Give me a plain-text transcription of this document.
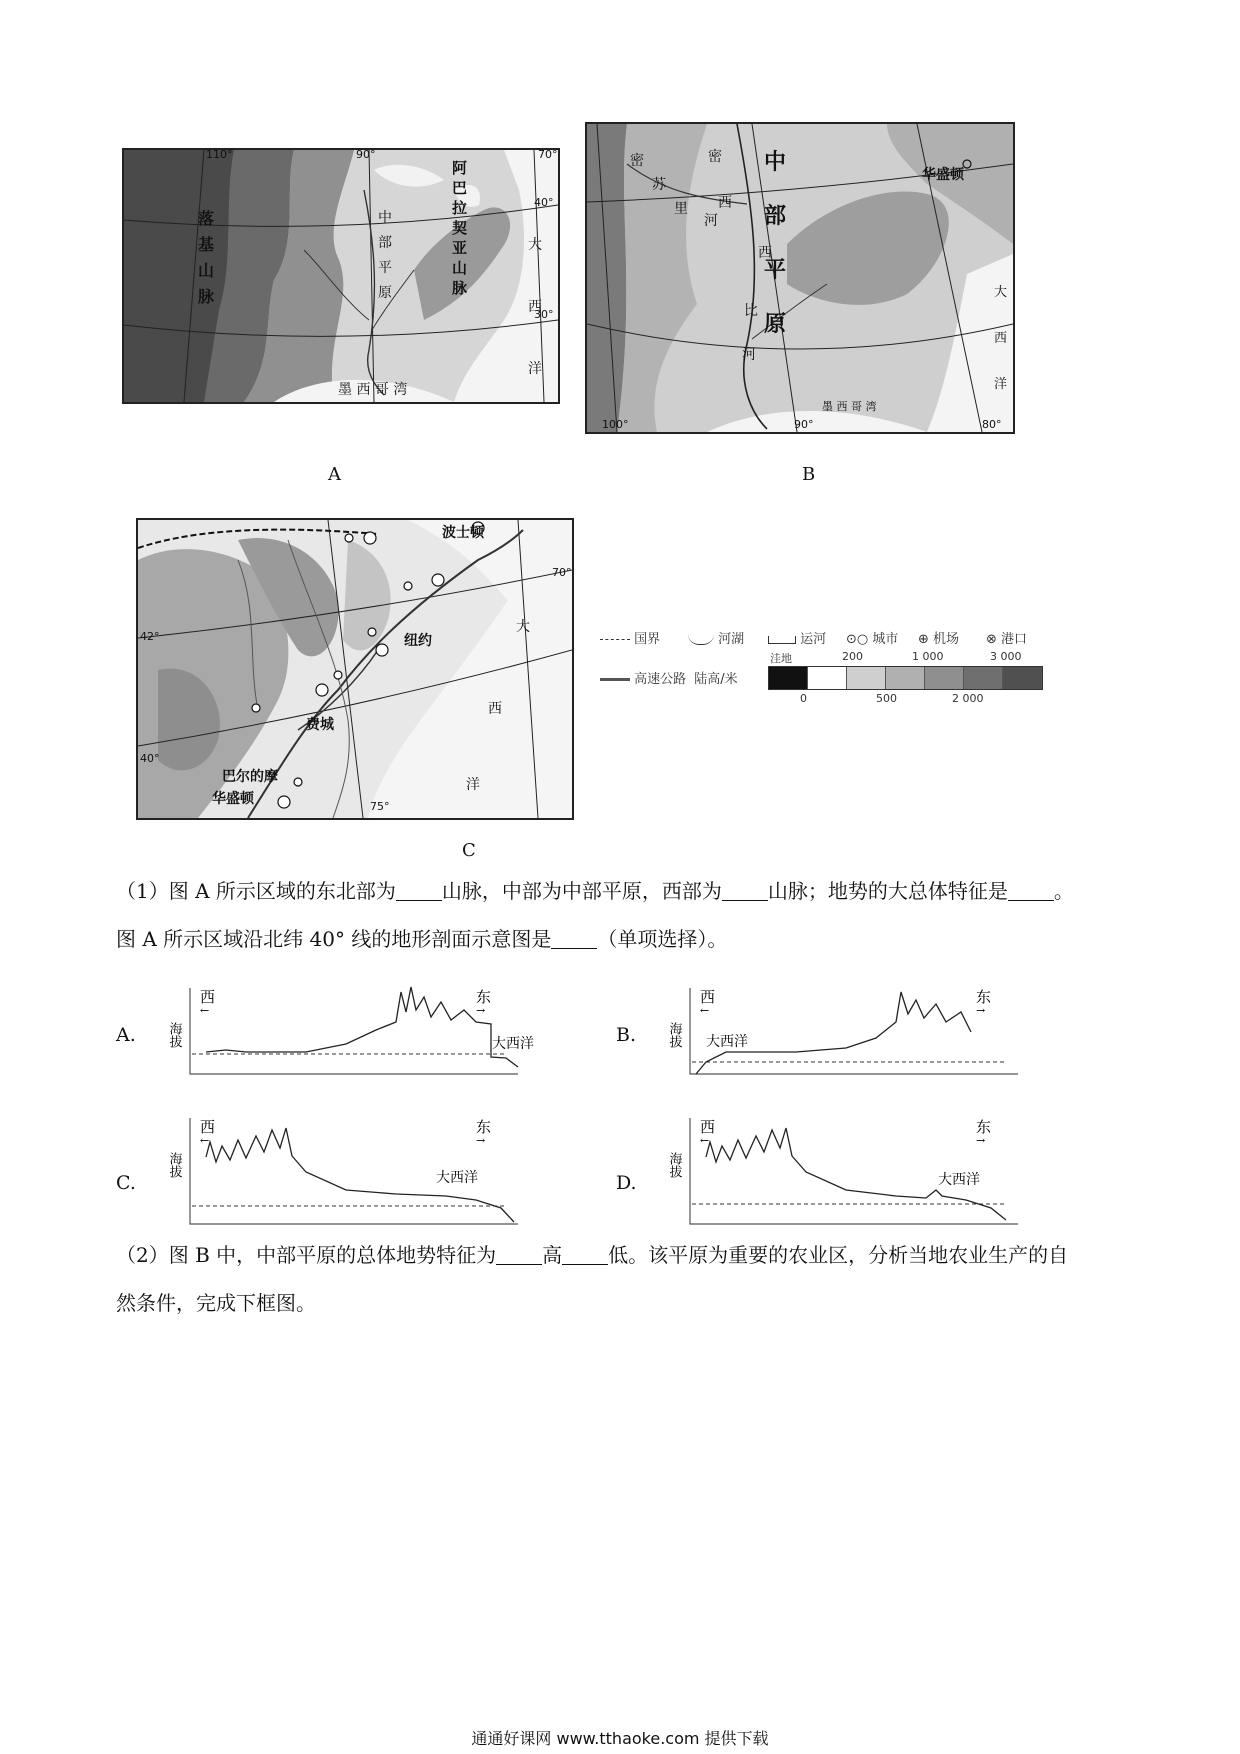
落
基
山
脉
阿
巴
拉
契
亚
山
脉
中
部
平
原
大
西
洋
墨 西 哥 湾
110°	90°	70°
40°
30°
A
密
苏
里
河
密
西
西
比
河
中
部
平
原
华盛顿
大
西
洋
墨 西 哥 湾
100°	90°	80°
B
波士顿
纽约
费城
巴尔的摩
华盛顿
大
西
洋
70°
75°
42°
40°
C
国界	河湖	运河 ⊙○ 城市 ⊕ 机场 ⊗ 港口
高速公路 陆高/米
洼地	200	1 000	3 000
0	500	2 000
（1）图 A 所示区域的东北部为 山脉，中部为中部平原，西部为 山脉；地势的大总体特征是 。
图 A 所示区域沿北纬 40° 线的地形剖面示意图是 （单项选择）。
A.
西
←
东
→
大西洋
海拔	B.
西
←
东
→
大西洋
海拔
C.
西
←
东
→
大西洋
海拔
D.
西
←
东
→
大西洋
海拔
（2）图 B 中，中部平原的总体地势特征为 高 低。该平原为重要的农业区，分析当地农业生产的自
然条件，完成下框图。
通通好课网 www.tthaoke.com 提供下载
